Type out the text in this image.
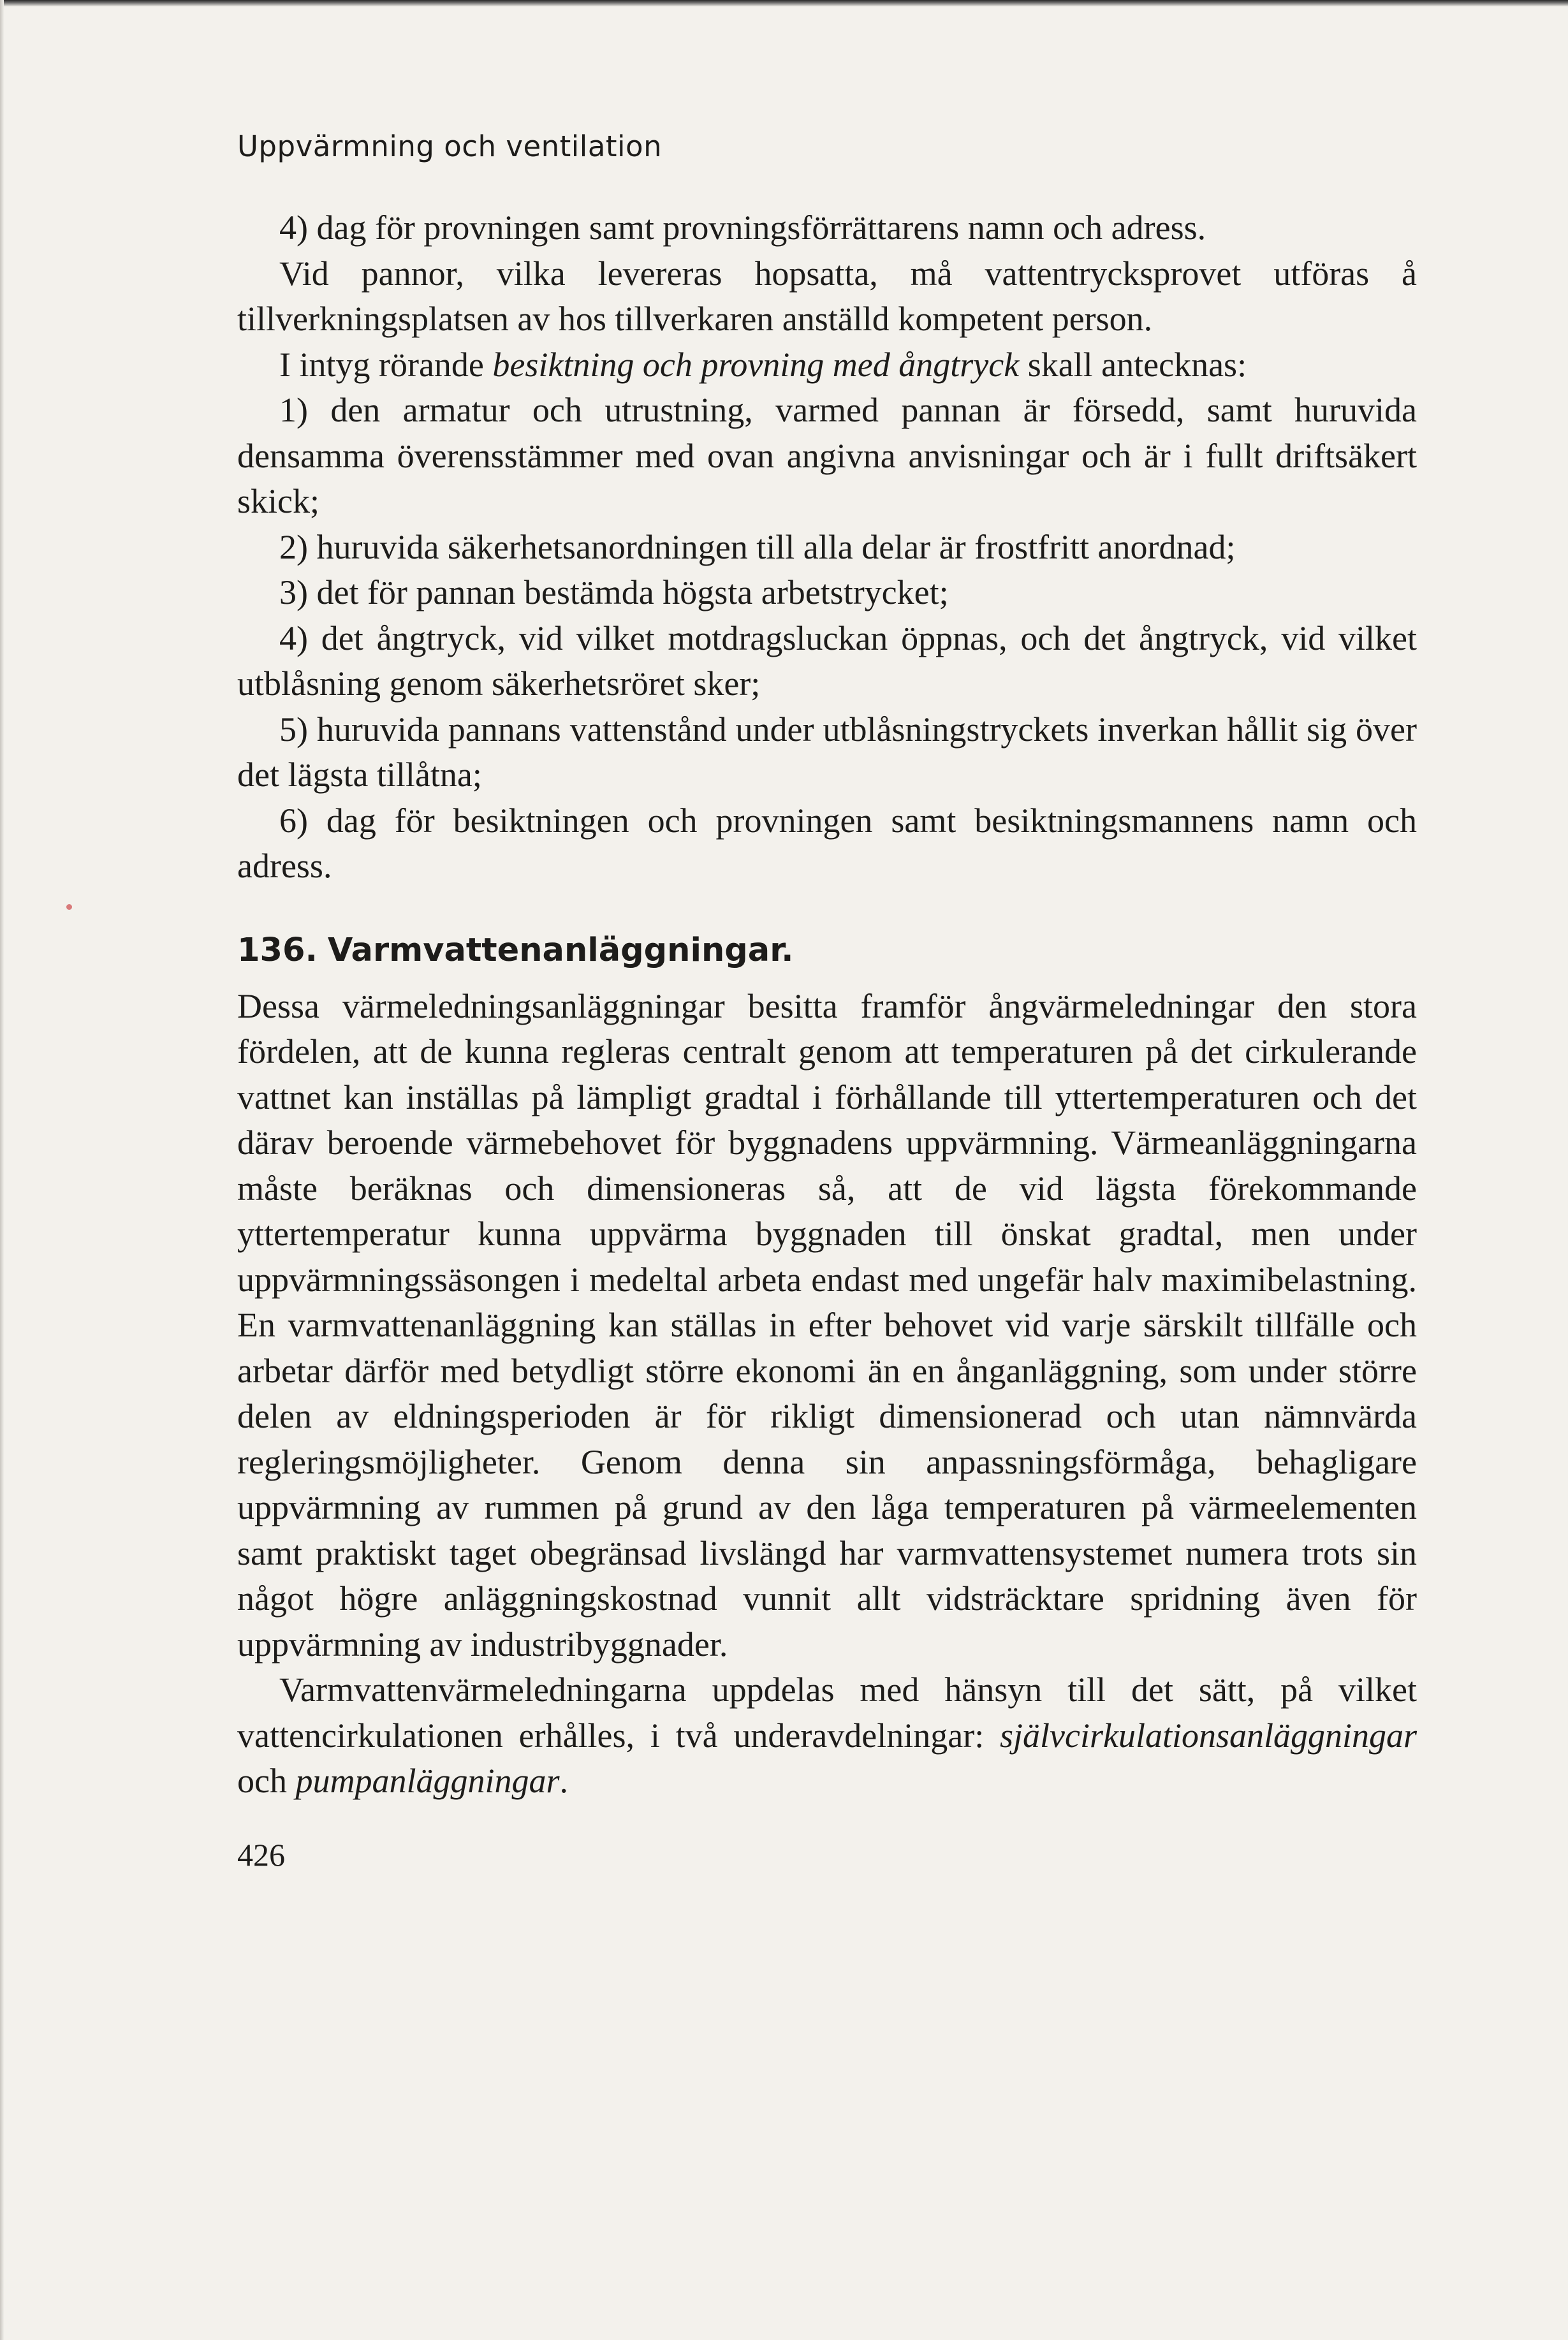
Uppvärmning och ventilation

4) dag för provningen samt provningsförrättarens namn och adress.

Vid pannor, vilka levereras hopsatta, må vattentrycksprovet utföras å tillverkningsplatsen av hos tillverkaren anställd kompetent person.

I intyg rörande besiktning och provning med ångtryck skall antecknas:

1) den armatur och utrustning, varmed pannan är försedd, samt huruvida densamma överensstämmer med ovan angivna anvisningar och är i fullt driftsäkert skick;

2) huruvida säkerhetsanordningen till alla delar är frostfritt anordnad;

3) det för pannan bestämda högsta arbetstrycket;

4) det ångtryck, vid vilket motdragsluckan öppnas, och det ångtryck, vid vilket utblåsning genom säkerhetsröret sker;

5) huruvida pannans vattenstånd under utblåsningstryckets inverkan hållit sig över det lägsta tillåtna;

6) dag för besiktningen och provningen samt besiktningsmannens namn och adress.

136. Varmvattenanläggningar.

Dessa värmeledningsanläggningar besitta framför ångvärmeledningar den stora fördelen, att de kunna regleras centralt genom att temperaturen på det cirkulerande vattnet kan inställas på lämpligt gradtal i förhållande till yttertemperaturen och det därav beroende värmebehovet för byggnadens uppvärmning. Värmeanläggningarna måste beräknas och dimensioneras så, att de vid lägsta förekommande yttertemperatur kunna uppvärma byggnaden till önskat gradtal, men under uppvärmningssäsongen i medeltal arbeta endast med ungefär halv maximibelastning. En varmvattenanläggning kan ställas in efter behovet vid varje särskilt tillfälle och arbetar därför med betydligt större ekonomi än en ånganläggning, som under större delen av eldningsperioden är för rikligt dimensionerad och utan nämnvärda regleringsmöjligheter. Genom denna sin anpassningsförmåga, behagligare uppvärmning av rummen på grund av den låga temperaturen på värmeelementen samt praktiskt taget obegränsad livslängd har varmvattensystemet numera trots sin något högre anläggningskostnad vunnit allt vidsträcktare spridning även för uppvärmning av industribyggnader.

Varmvattenvärmeledningarna uppdelas med hänsyn till det sätt, på vilket vattencirkulationen erhålles, i två underavdelningar: självcirkulationsanläggningar och pumpanläggningar.

426
